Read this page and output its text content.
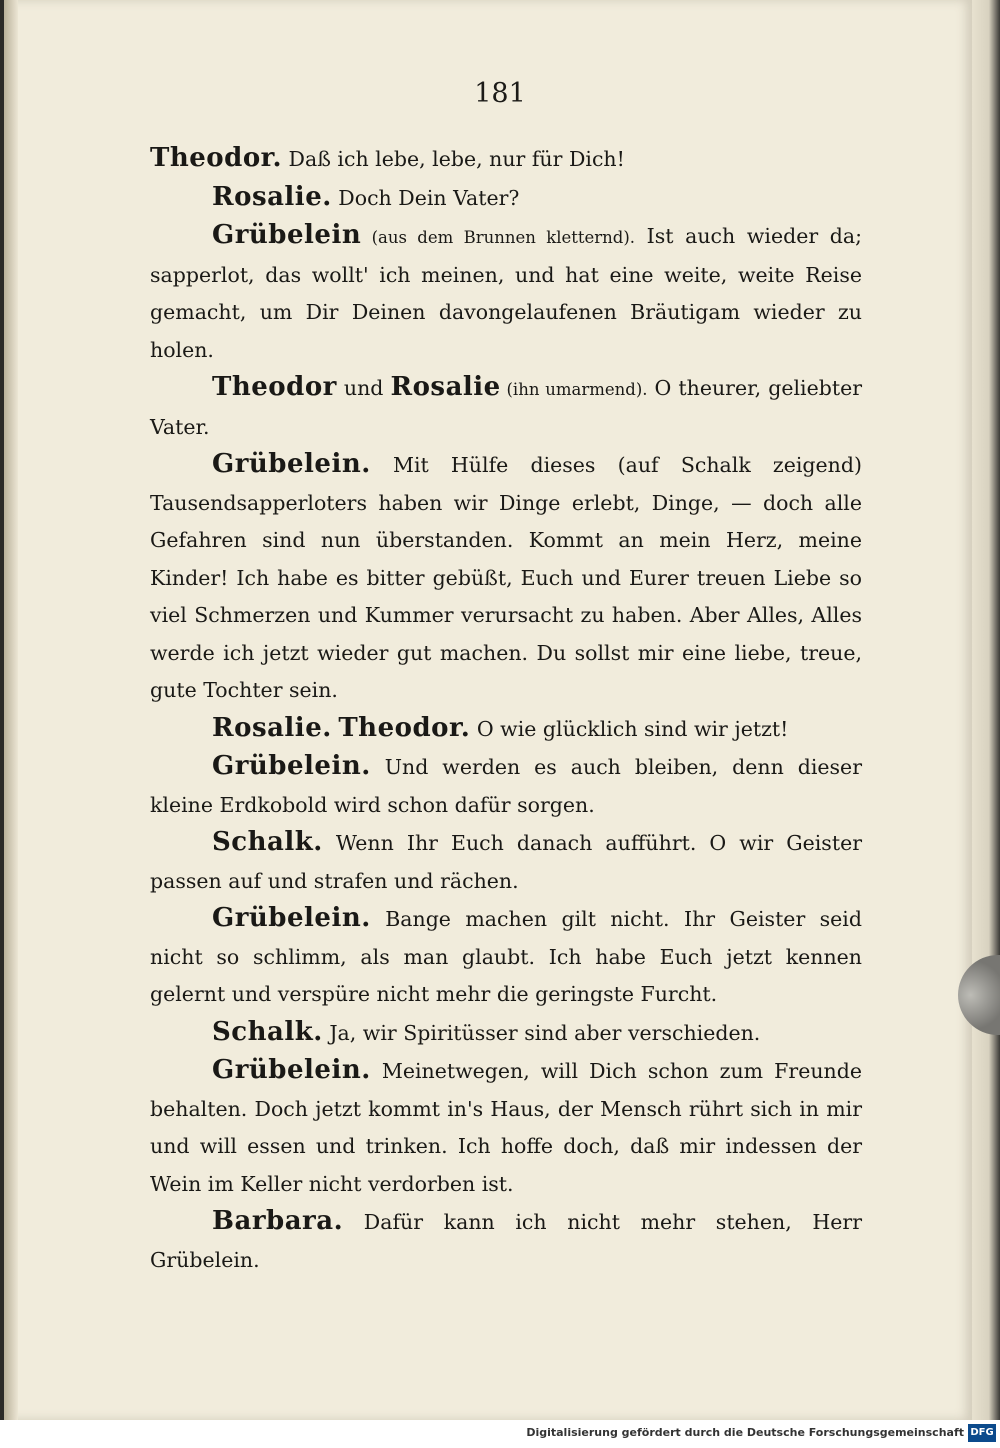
181

Theodor. Daß ich lebe, lebe, nur für Dich!

Rosalie. Doch Dein Vater?

Grübelein (aus dem Brunnen kletternd). Ist auch wieder da; sapperlot, das wollt' ich meinen, und hat eine weite, weite Reise gemacht, um Dir Deinen davongelaufenen Bräutigam wieder zu holen.

Theodor und Rosalie (ihn umarmend). O theurer, geliebter Vater.

Grübelein. Mit Hülfe dieses (auf Schalk zeigend) Tausendsapperloters haben wir Dinge erlebt, Dinge, — doch alle Gefahren sind nun überstanden. Kommt an mein Herz, meine Kinder! Ich habe es bitter gebüßt, Euch und Eurer treuen Liebe so viel Schmerzen und Kummer verursacht zu haben. Aber Alles, Alles werde ich jetzt wieder gut machen. Du sollst mir eine liebe, treue, gute Tochter sein.

Rosalie. Theodor. O wie glücklich sind wir jetzt!

Grübelein. Und werden es auch bleiben, denn dieser kleine Erdkobold wird schon dafür sorgen.

Schalk. Wenn Ihr Euch danach aufführt. O wir Geister passen auf und strafen und rächen.

Grübelein. Bange machen gilt nicht. Ihr Geister seid nicht so schlimm, als man glaubt. Ich habe Euch jetzt kennen gelernt und verspüre nicht mehr die geringste Furcht.

Schalk. Ja, wir Spiritüsser sind aber verschieden.

Grübelein. Meinetwegen, will Dich schon zum Freunde behalten. Doch jetzt kommt in's Haus, der Mensch rührt sich in mir und will essen und trinken. Ich hoffe doch, daß mir indessen der Wein im Keller nicht verdorben ist.

Barbara. Dafür kann ich nicht mehr stehen, Herr Grübelein.

Digitalisierung gefördert durch die Deutsche Forschungsgemeinschaft DFG
